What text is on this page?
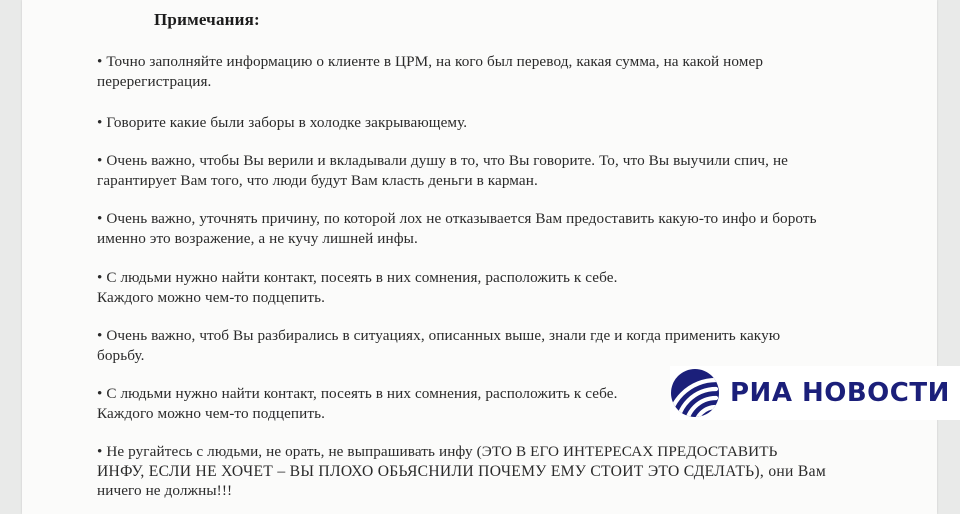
Примечания:

• Точно заполняйте информацию о клиенте в ЦРМ, на кого был перевод, какая сумма, на какой номер
перерегистрация.

• Говорите какие были заборы в холодке закрывающему.

• Очень важно, чтобы Вы верили и вкладывали душу в то, что Вы говорите. То, что Вы выучили спич, не
гарантирует Вам того, что люди будут Вам класть деньги в карман.

• Очень важно, уточнять причину, по которой лох не отказывается Вам предоставить какую-то инфо и бороть
именно это возражение, а не кучу лишней инфы.

• С людьми нужно найти контакт, посеять в них сомнения, расположить к себе.
Каждого можно чем-то подцепить.

• Очень важно, чтоб Вы разбирались в ситуациях, описанных выше, знали где и когда применить какую
борьбу.

• С людьми нужно найти контакт, посеять в них сомнения, расположить к себе.
Каждого можно чем-то подцепить.

• Не ругайтесь с людьми, не орать, не выпрашивать инфу (ЭТО В ЕГО ИНТЕРЕСАХ ПРЕДОСТАВИТЬ
ИНФУ, ЕСЛИ НЕ ХОЧЕТ – ВЫ ПЛОХО ОБЬЯСНИЛИ ПОЧЕМУ ЕМУ СТОИТ ЭТО СДЕЛАТЬ), они Вам
ничего не должны!!!

РИА НОВОСТИ
